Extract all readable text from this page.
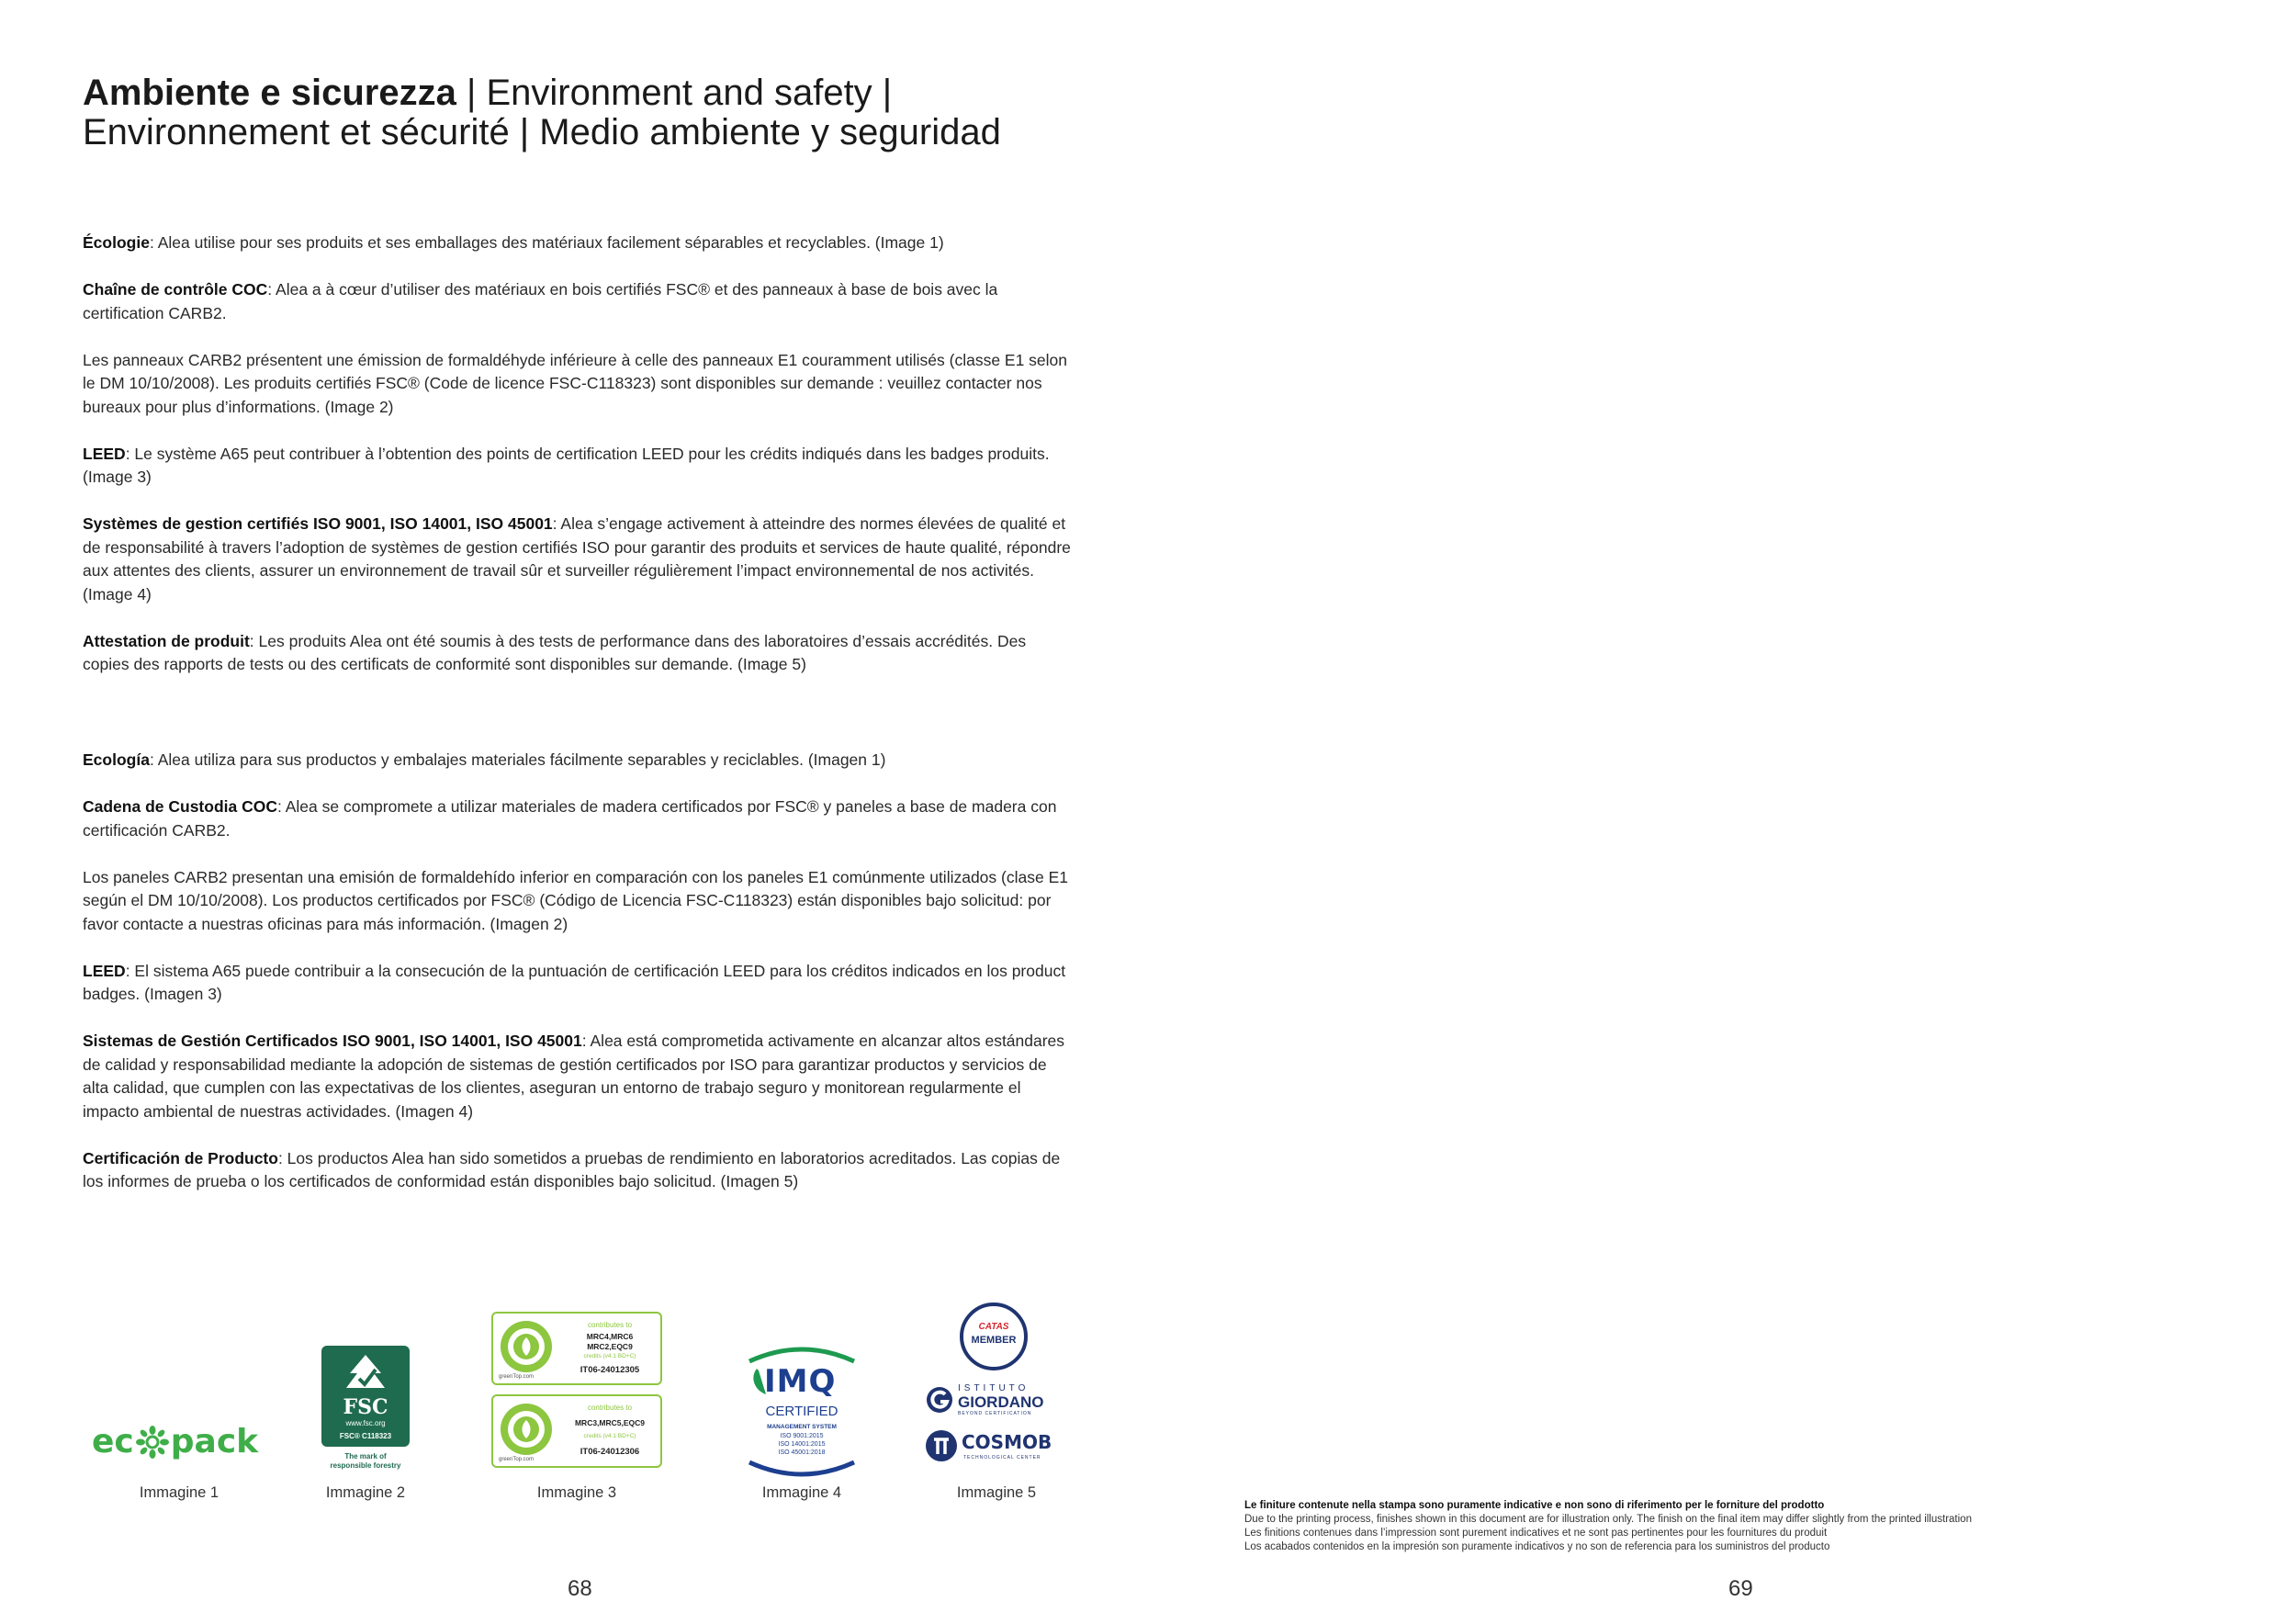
Ambiente e sicurezza | Environment and safety |
Environnement et sécurité | Medio ambiente y seguridad

Écologie: Alea utilise pour ses produits et ses emballages des matériaux facilement séparables et recyclables. (Image 1)

Chaîne de contrôle COC: Alea a à cœur d’utiliser des matériaux en bois certifiés FSC® et des panneaux à base de bois avec la certification CARB2.

Les panneaux CARB2 présentent une émission de formaldéhyde inférieure à celle des panneaux E1 couramment utilisés (classe E1 selon le DM 10/10/2008). Les produits certifiés FSC® (Code de licence FSC-C118323) sont disponibles sur demande : veuillez contacter nos bureaux pour plus d’informations. (Image 2)

LEED: Le système A65 peut contribuer à l’obtention des points de certification LEED pour les crédits indiqués dans les badges produits. (Image 3)

Systèmes de gestion certifiés ISO 9001, ISO 14001, ISO 45001: Alea s’engage activement à atteindre des normes élevées de qualité et de responsabilité à travers l’adoption de systèmes de gestion certifiés ISO pour garantir des produits et services de haute qualité, répondre aux attentes des clients, assurer un environnement de travail sûr et surveiller régulièrement l’impact environnemental de nos activités. (Image 4)

Attestation de produit: Les produits Alea ont été soumis à des tests de performance dans des laboratoires d’essais accrédités. Des copies des rapports de tests ou des certificats de conformité sont disponibles sur demande. (Image 5)

Ecología: Alea utiliza para sus productos y embalajes materiales fácilmente separables y reciclables. (Imagen 1)

Cadena de Custodia COC: Alea se compromete a utilizar materiales de madera certificados por FSC® y paneles a base de madera con certificación CARB2.

Los paneles CARB2 presentan una emisión de formaldehído inferior en comparación con los paneles E1 comúnmente utilizados (clase E1 según el DM 10/10/2008). Los productos certificados por FSC® (Código de Licencia FSC-C118323) están disponibles bajo solicitud: por favor contacte a nuestras oficinas para más información. (Imagen 2)

LEED: El sistema A65 puede contribuir a la consecución de la puntuación de certificación LEED para los créditos indicados en los product badges. (Imagen 3)

Sistemas de Gestión Certificados ISO 9001, ISO 14001, ISO 45001: Alea está comprometida activamente en alcanzar altos estándares de calidad y responsabilidad mediante la adopción de sistemas de gestión certificados por ISO para garantizar productos y servicios de alta calidad, que cumplen con las expectativas de los clientes, aseguran un entorno de trabajo seguro y monitorean regularmente el impacto ambiental de nuestras actividades. (Imagen 4)

Certificación de Producto: Los productos Alea han sido sometidos a pruebas de rendimiento en laboratorios acreditados. Las copias de los informes de prueba o los certificados de conformidad están disponibles bajo solicitud. (Imagen 5)

ec pack
Immagine 1
FSC
www.fsc.org
FSC® C118323
The mark of
responsible forestry
Immagine 2
greenTop.com
contributes to
MRC4,MRC6
MRC2,EQC9
credits (v4.1 BD+C)
IT06-24012305
greenTop.com
contributes to
MRC3,MRC5,EQC9
credits (v4.1 BD+C)
IT06-24012306
Immagine 3
IMQ
CERTIFIED
MANAGEMENT SYSTEM
ISO 9001:2015
ISO 14001:2015
ISO 45001:2018
Immagine 4
CATAS
MEMBER
ISTITUTO
GIORDANO
BEYOND CERTIFICATION
COSMOB
TECHNOLOGICAL CENTER
Immagine 5
68	69
Le finiture contenute nella stampa sono puramente indicative e non sono di riferimento per le forniture del prodotto
Due to the printing process, finishes shown in this document are for illustration only. The finish on the final item may differ slightly from the printed illustration
Les finitions contenues dans l’impression sont purement indicatives et ne sont pas pertinentes pour les fournitures du produit
Los acabados contenidos en la impresión son puramente indicativos y no son de referencia para los suministros del producto
